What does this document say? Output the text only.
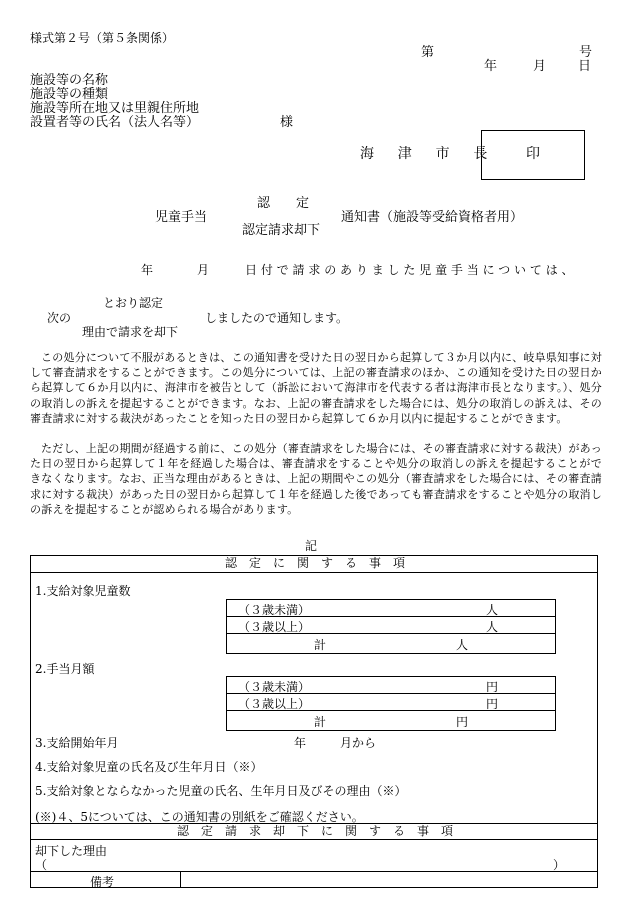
様式第２号（第５条関係）
第	号
年	月 日
施設等の名称
施設等の種類
施設等所在地又は里親住所地
設置者等の氏名（法人名等）	様
海　津　市　長 印
認　　定
児童手当
認定請求却下
通知書（施設等受給資格者用）
年	月	日付で請求のありました児童手当については、
とおり認定
次の
理由で請求を却下
しましたので通知します。
この処分について不服があるときは、この通知書を受けた日の翌日から起算して３か月以内に、岐阜県知事に対して審査請求をすることができます。この処分については、上記の審査請求のほか、この通知を受けた日の翌日から起算して６か月以内に、海津市を被告として（訴訟において海津市を代表する者は海津市長となります。）、処分の取消しの訴えを提起することができます。なお、上記の審査請求をした場合には、処分の取消しの訴えは、その審査請求に対する裁決があったことを知った日の翌日から起算して６か月以内に提起することができます。
ただし、上記の期間が経過する前に、この処分（審査請求をした場合には、その審査請求に対する裁決）があった日の翌日から起算して１年を経過した場合は、審査請求をすることや処分の取消しの訴えを提起することができなくなります。なお、正当な理由があるときは、上記の期間やこの処分（審査請求をした場合には、その審査請求に対する裁決）があった日の翌日から起算して１年を経過した後であっても審査請求をすることや処分の取消しの訴えを提起することが認められる場合があります。
記
認　定　に　関　す　る　事　項
1.支給対象児童数
（３歳未満）	人
（３歳以上）	人
計	人
2.手当月額
（３歳未満）	円
（３歳以上）	円
計	円
3.支給開始年月	年	月から
4.支給対象児童の氏名及び生年月日（※）
5.支給対象とならなかった児童の氏名、生年月日及びその理由（※）
(※)４、5については、この通知書の別紙をご確認ください。
認　定　請　求　却　下　に　関　す　る　事　項
却下した理由
（	）
備考
